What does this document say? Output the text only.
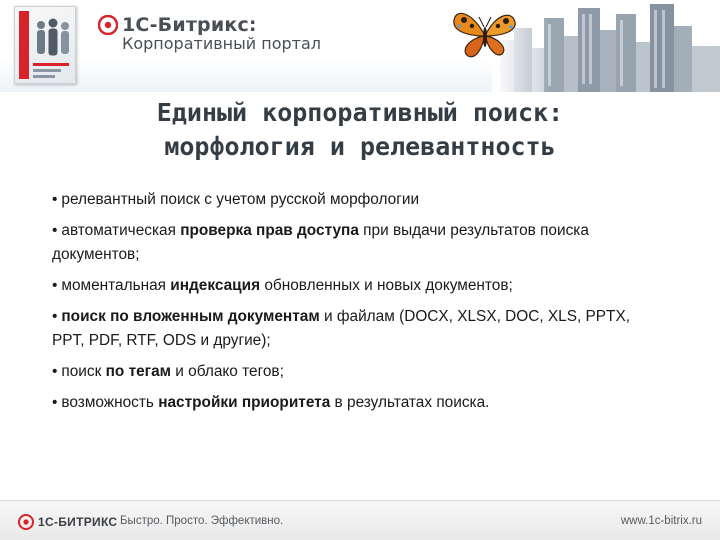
1С-Битрикс:
Корпоративный портал
Единый корпоративный поиск:
морфология и релевантность
• релевантный поиск с учетом русской морфологии
• автоматическая проверка прав доступа при выдачи результатов поиска документов;
• моментальная индексация обновленных и новых документов;
• поиск по вложенным документам и файлам (DOCX, XLSX, DOC, XLS, PPTX, PPT, PDF, RTF, ODS и другие);
• поиск по тегам и облако тегов;
• возможность настройки приоритета в результатах поиска.
1С-БИТРИКС Быстро. Просто. Эффективно.	www.1c-bitrix.ru
